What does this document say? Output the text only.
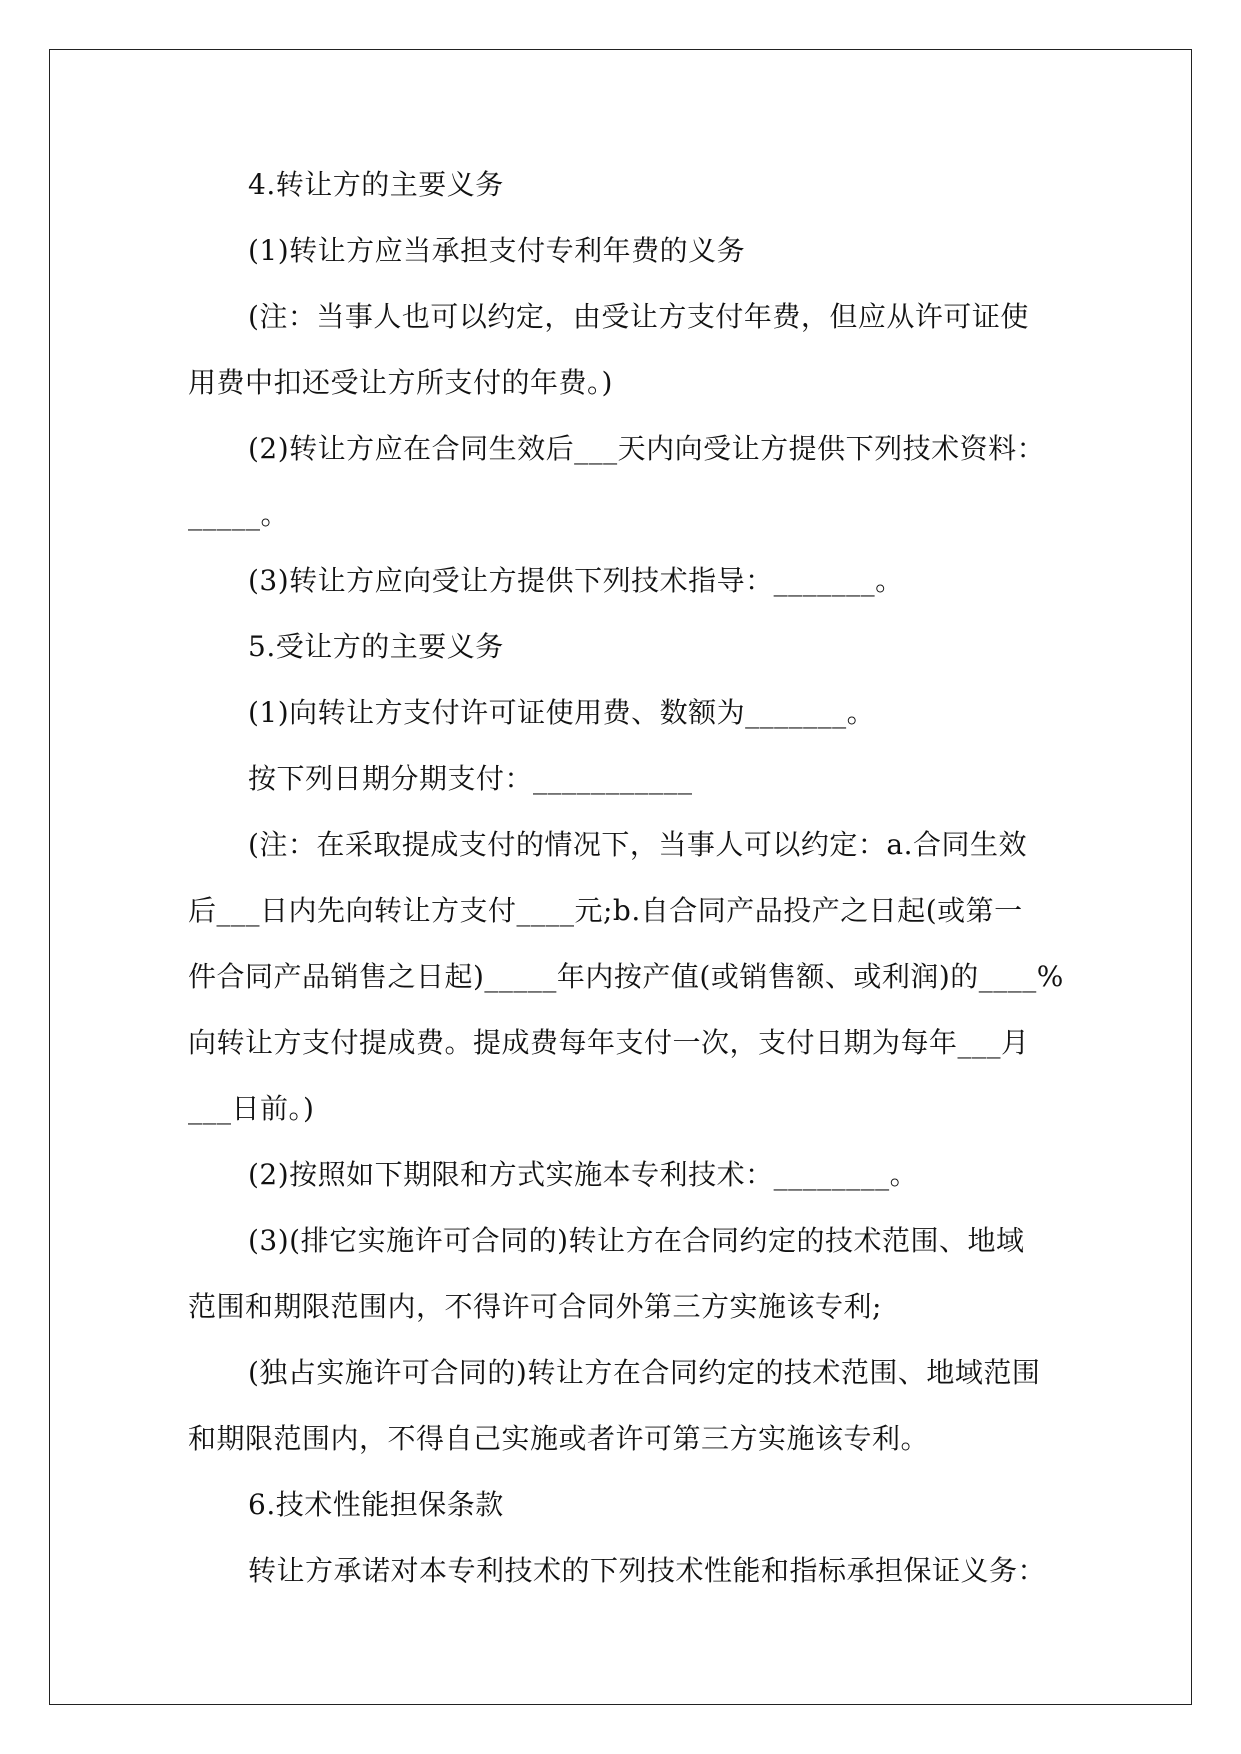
4.转让方的主要义务
(1)转让方应当承担支付专利年费的义务
(注：当事人也可以约定，由受让方支付年费，但应从许可证使
用费中扣还受让方所支付的年费。)
(2)转让方应在合同生效后___天内向受让方提供下列技术资料：
_____。
(3)转让方应向受让方提供下列技术指导：_______。
5.受让方的主要义务
(1)向转让方支付许可证使用费、数额为_______。
按下列日期分期支付：___________
(注：在采取提成支付的情况下，当事人可以约定：a.合同生效
后___日内先向转让方支付____元;b.自合同产品投产之日起(或第一
件合同产品销售之日起)_____年内按产值(或销售额、或利润)的____%
向转让方支付提成费。提成费每年支付一次，支付日期为每年___月
___日前。)
(2)按照如下期限和方式实施本专利技术：________。
(3)(排它实施许可合同的)转让方在合同约定的技术范围、地域
范围和期限范围内，不得许可合同外第三方实施该专利;
(独占实施许可合同的)转让方在合同约定的技术范围、地域范围
和期限范围内，不得自己实施或者许可第三方实施该专利。
6.技术性能担保条款
转让方承诺对本专利技术的下列技术性能和指标承担保证义务：
